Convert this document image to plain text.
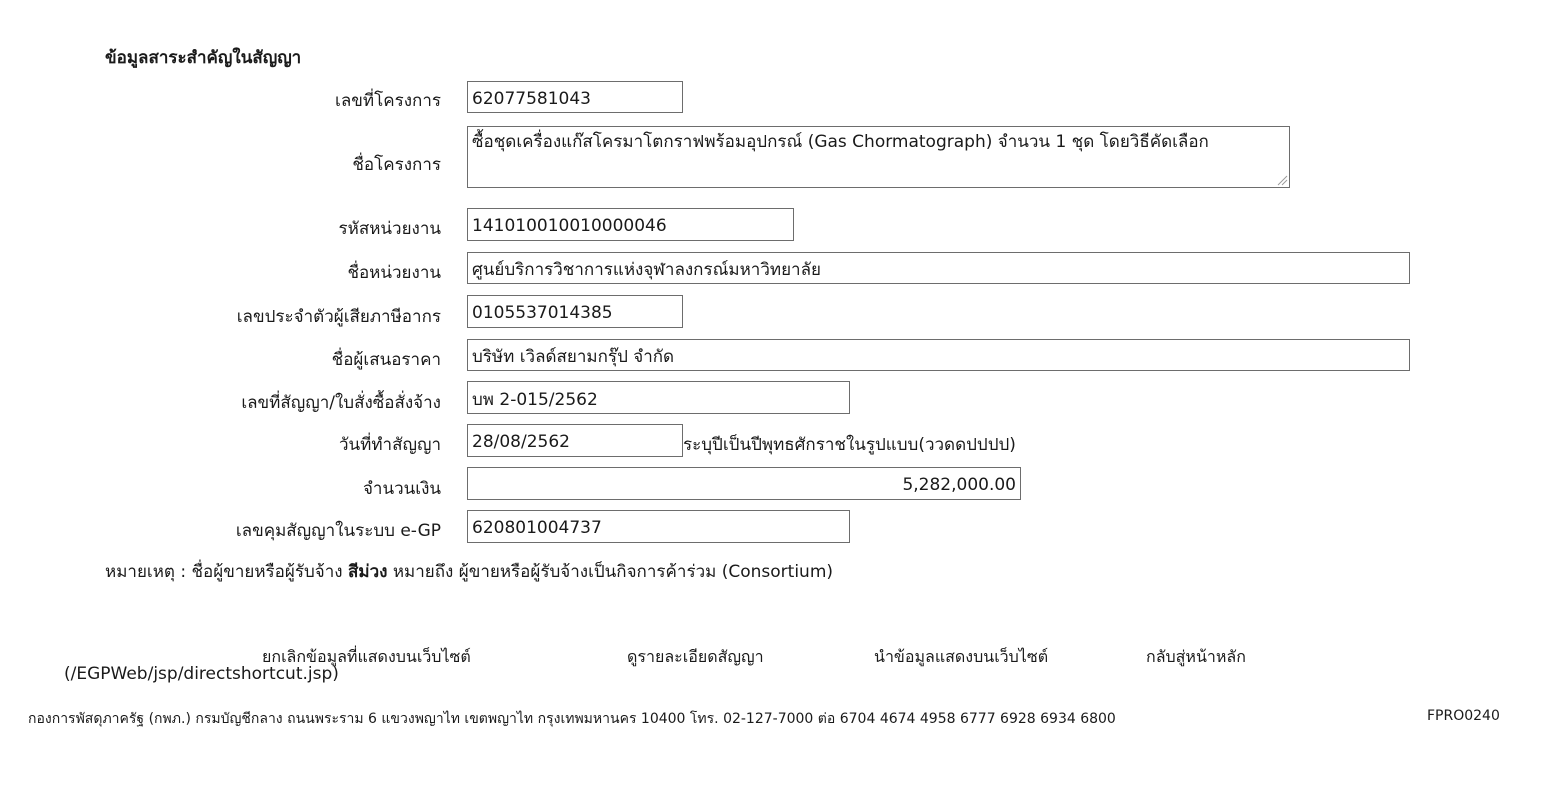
ข้อมูลสาระสำคัญในสัญญา
เลขที่โครงการ
62077581043
ชื่อโครงการ
ซื้อชุดเครื่องแก๊สโครมาโตกราฟพร้อมอุปกรณ์ (Gas Chormatograph) จำนวน 1 ชุด โดยวิธีคัดเลือก
รหัสหน่วยงาน
141010010010000046
ชื่อหน่วยงาน
ศูนย์บริการวิชาการแห่งจุฬาลงกรณ์มหาวิทยาลัย
เลขประจำตัวผู้เสียภาษีอากร
0105537014385
ชื่อผู้เสนอราคา
บริษัท เวิลด์สยามกรุ๊ป จำกัด
เลขที่สัญญา/ใบสั่งซื้อสั่งจ้าง
บพ 2-015/2562
วันที่ทำสัญญา
28/08/2562	ระบุปีเป็นปีพุทธศักราชในรูปแบบ(ววดดปปปป)
จำนวนเงิน
5,282,000.00
เลขคุมสัญญาในระบบ e-GP
620801004737
หมายเหตุ : ชื่อผู้ขายหรือผู้รับจ้าง สีม่วง หมายถึง ผู้ขายหรือผู้รับจ้างเป็นกิจการค้าร่วม (Consortium)
ยกเลิกข้อมูลที่แสดงบนเว็บไซต์
(/EGPWeb/jsp/directshortcut.jsp)
ดูรายละเอียดสัญญา	นำข้อมูลแสดงบนเว็บไซต์	กลับสู่หน้าหลัก
กองการพัสดุภาครัฐ (กพภ.) กรมบัญชีกลาง ถนนพระราม 6 แขวงพญาไท เขตพญาไท กรุงเทพมหานคร 10400 โทร. 02-127-7000 ต่อ 6704 4674 4958 6777 6928 6934 6800	FPRO0240
